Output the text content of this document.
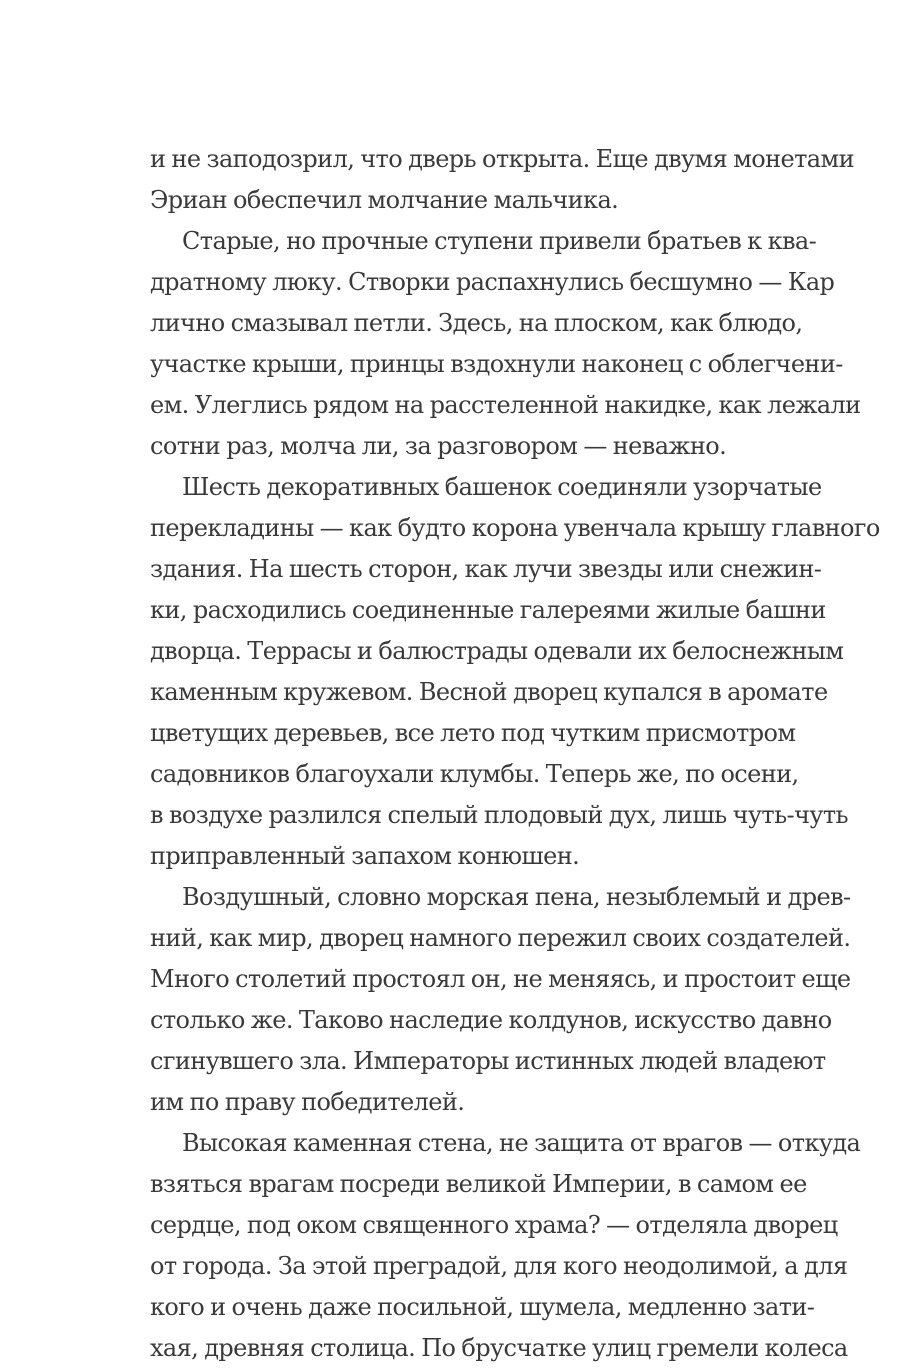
и не заподозрил, что дверь открыта. Еще двумя монетами
Эриан обеспечил молчание мальчика.
Старые, но прочные ступени привели братьев к ква-
дратному люку. Створки распахнулись бесшумно — Кар
лично смазывал петли. Здесь, на плоском, как блюдо,
участке крыши, принцы вздохнули наконец с облегчени-
ем. Улеглись рядом на расстеленной накидке, как лежали
сотни раз, молча ли, за разговором — неважно.
Шесть декоративных башенок соединяли узорчатые
перекладины — как будто корона увенчала крышу главного
здания. На шесть сторон, как лучи звезды или снежин-
ки, расходились соединенные галереями жилые башни
дворца. Террасы и балюстрады одевали их белоснежным
каменным кружевом. Весной дворец купался в аромате
цветущих деревьев, все лето под чутким присмотром
садовников благоухали клумбы. Теперь же, по осени,
в воздухе разлился спелый плодовый дух, лишь чуть-чуть
приправленный запахом конюшен.
Воздушный, словно морская пена, незыблемый и древ-
ний, как мир, дворец намного пережил своих создателей.
Много столетий простоял он, не меняясь, и простоит еще
столько же. Таково наследие колдунов, искусство давно
сгинувшего зла. Императоры истинных людей владеют
им по праву победителей.
Высокая каменная стена, не защита от врагов — откуда
взяться врагам посреди великой Империи, в самом ее
сердце, под оком священного храма? — отделяла дворец
от города. За этой преградой, для кого неодолимой, а для
кого и очень даже посильной, шумела, медленно зати-
хая, древняя столица. По брусчатке улиц гремели колеса
